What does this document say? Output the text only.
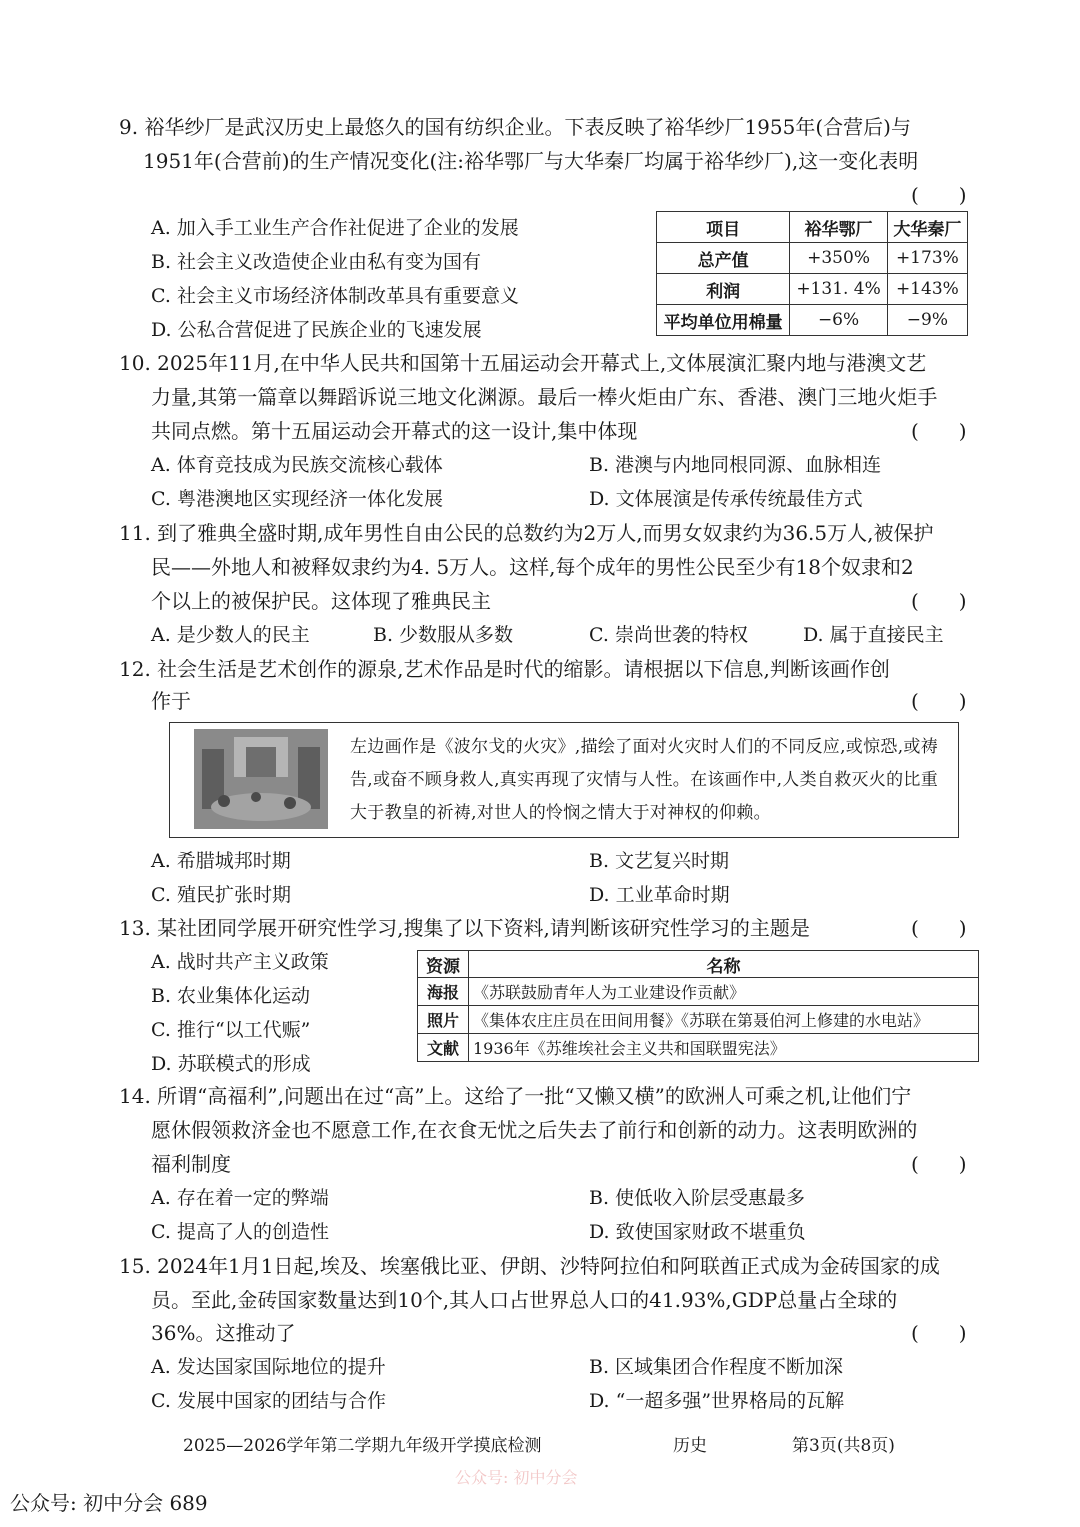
9. 裕华纱厂是武汉历史上最悠久的国有纺织企业。下表反映了裕华纱厂1955年(合营后)与
1951年(合营前)的生产情况变化(注:裕华鄂厂与大华秦厂均属于裕华纱厂),这一变化表明
(　　)
A. 加入手工业生产合作社促进了企业的发展
B. 社会主义改造使企业由私有变为国有
C. 社会主义市场经济体制改革具有重要意义
D. 公私合营促进了民族企业的飞速发展
项目	裕华鄂厂	大华秦厂
总产值	+350%	+173%
利润	+131. 4%	+143%
平均单位用棉量	−6%	−9%
10. 2025年11月,在中华人民共和国第十五届运动会开幕式上,文体展演汇聚内地与港澳文艺
力量,其第一篇章以舞蹈诉说三地文化渊源。最后一棒火炬由广东、香港、澳门三地火炬手
共同点燃。第十五届运动会开幕式的这一设计,集中体现	(　　)
A. 体育竞技成为民族交流核心载体	B. 港澳与内地同根同源、血脉相连
C. 粤港澳地区实现经济一体化发展	D. 文体展演是传承传统最佳方式
11. 到了雅典全盛时期,成年男性自由公民的总数约为2万人,而男女奴隶约为36.5万人,被保护
民——外地人和被释奴隶约为4. 5万人。这样,每个成年的男性公民至少有18个奴隶和2
个以上的被保护民。这体现了雅典民主	(　　)
A. 是少数人的民主	B. 少数服从多数	C. 崇尚世袭的特权	D. 属于直接民主
12. 社会生活是艺术创作的源泉,艺术作品是时代的缩影。请根据以下信息,判断该画作创
作于	(　　)
左边画作是《波尔戈的火灾》,描绘了面对火灾时人们的不同反应,或惊恐,或祷告,或奋不顾身救人,真实再现了灾情与人性。在该画作中,人类自救灭火的比重大于教皇的祈祷,对世人的怜悯之情大于对神权的仰赖。
A. 希腊城邦时期	B. 文艺复兴时期
C. 殖民扩张时期	D. 工业革命时期
13. 某社团同学展开研究性学习,搜集了以下资料,请判断该研究性学习的主题是	(　　)
A. 战时共产主义政策
B. 农业集体化运动
C. 推行“以工代赈”
D. 苏联模式的形成
资源	名称
海报	《苏联鼓励青年人为工业建设作贡献》
照片	《集体农庄庄员在田间用餐》《苏联在第聂伯河上修建的水电站》
文献	1936年《苏维埃社会主义共和国联盟宪法》
14. 所谓“高福利”,问题出在过“高”上。这给了一批“又懒又横”的欧洲人可乘之机,让他们宁
愿休假领救济金也不愿意工作,在衣食无忧之后失去了前行和创新的动力。这表明欧洲的
福利制度	(　　)
A. 存在着一定的弊端	B. 使低收入阶层受惠最多
C. 提高了人的创造性	D. 致使国家财政不堪重负
15. 2024年1月1日起,埃及、埃塞俄比亚、伊朗、沙特阿拉伯和阿联酋正式成为金砖国家的成
员。至此,金砖国家数量达到10个,其人口占世界总人口的41.93%,GDP总量占全球的
36%。这推动了	(　　)
A. 发达国家国际地位的提升	B. 区域集团合作程度不断加深
C. 发展中国家的团结与合作	D. “一超多强”世界格局的瓦解
2025—2026学年第二学期九年级开学摸底检测	历史	第3页(共8页)
公众号: 初中分会
公众号: 初中分会 689
